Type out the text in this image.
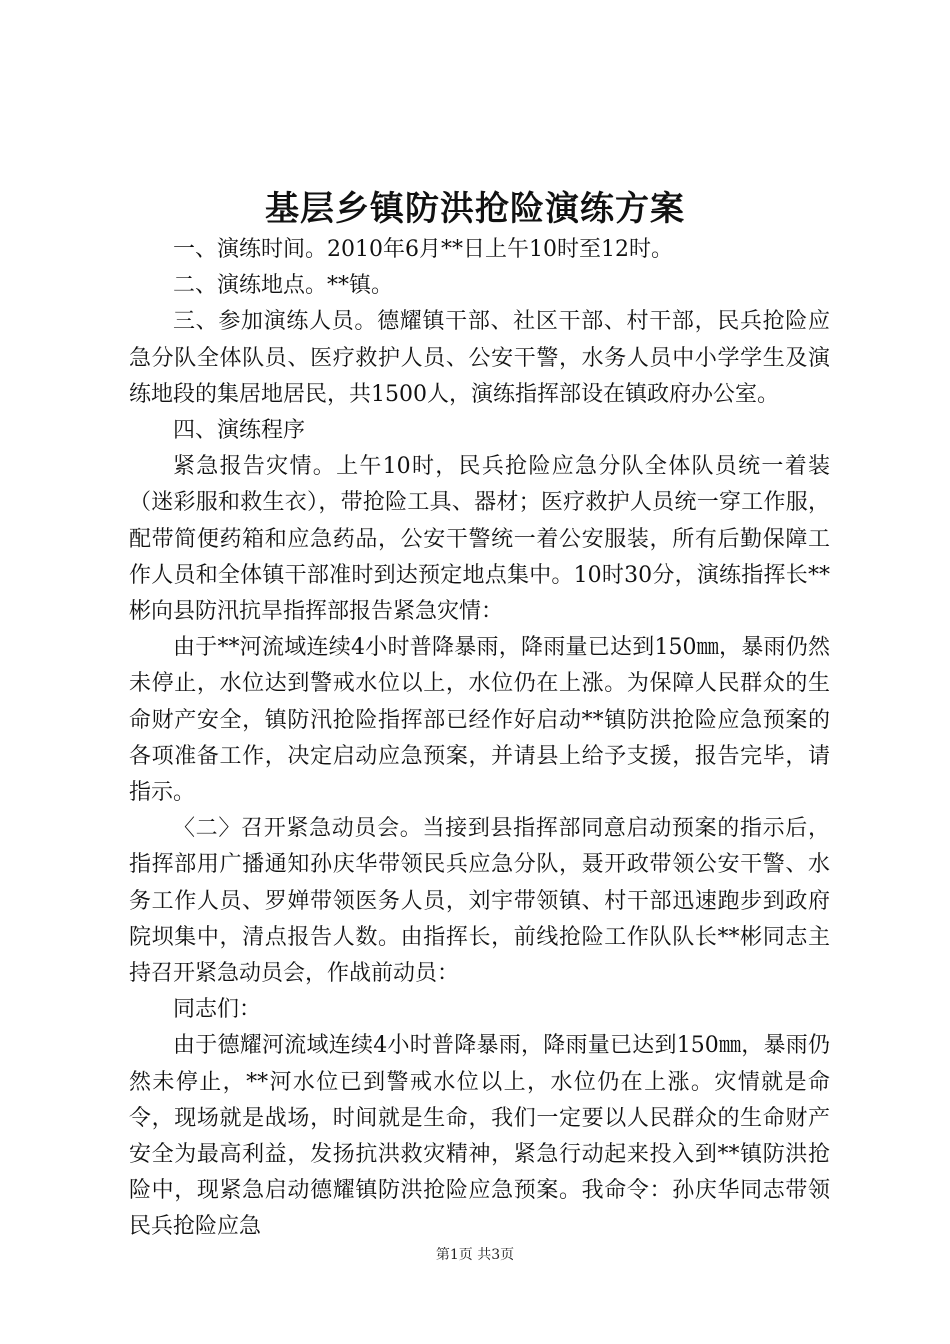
基层乡镇防洪抢险演练方案

一、演练时间。2010年6月**日上午10时至12时。

二、演练地点。**镇。

三、参加演练人员。德耀镇干部、社区干部、村干部，民兵抢险应急分队全体队员、医疗救护人员、公安干警，水务人员中小学学生及演练地段的集居地居民，共1500人，演练指挥部设在镇政府办公室。

四、演练程序

紧急报告灾情。上午10时，民兵抢险应急分队全体队员统一着装（迷彩服和救生衣），带抢险工具、器材；医疗救护人员统一穿工作服，配带简便药箱和应急药品，公安干警统一着公安服装，所有后勤保障工作人员和全体镇干部准时到达预定地点集中。10时30分，演练指挥长**彬向县防汛抗旱指挥部报告紧急灾情：

由于**河流域连续4小时普降暴雨，降雨量已达到150㎜，暴雨仍然未停止，水位达到警戒水位以上，水位仍在上涨。为保障人民群众的生命财产安全，镇防汛抢险指挥部已经作好启动**镇防洪抢险应急预案的各项准备工作，决定启动应急预案，并请县上给予支援，报告完毕，请指示。

〈二〉召开紧急动员会。当接到县指挥部同意启动预案的指示后，指挥部用广播通知孙庆华带领民兵应急分队，聂开政带领公安干警、水务工作人员、罗婵带领医务人员，刘宇带领镇、村干部迅速跑步到政府院坝集中，清点报告人数。由指挥长，前线抢险工作队队长**彬同志主持召开紧急动员会，作战前动员：

同志们：

由于德耀河流域连续4小时普降暴雨，降雨量已达到150㎜，暴雨仍然未停止，**河水位已到警戒水位以上，水位仍在上涨。灾情就是命令，现场就是战场，时间就是生命，我们一定要以人民群众的生命财产安全为最高利益，发扬抗洪救灾精神，紧急行动起来投入到**镇防洪抢险中，现紧急启动德耀镇防洪抢险应急预案。我命令：孙庆华同志带领民兵抢险应急

第1页 共3页
